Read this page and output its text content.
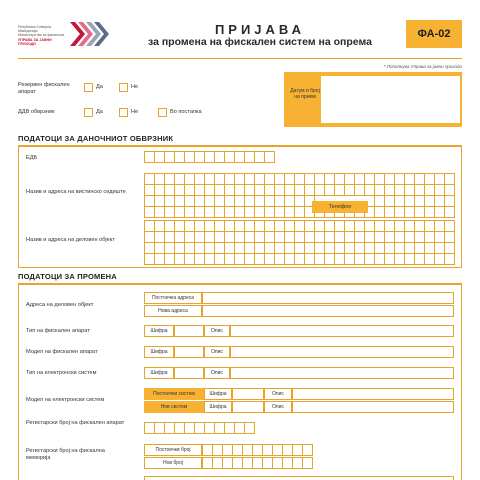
Република Северна Македонија
Министерство за финансии
УПРАВА ЗА ЈАВНИ ПРИХОДИ
ПРИЈАВА
за промена на фискален систем на опрема
ФА-02
* Пополнува Управа за јавни приходи
Резервен фискален апарат
Да	Не
ДДВ обврзник	Да	Не	Во постапка
Датум и број на прием
ПОДАТОЦИ ЗА ДАНОЧНИОТ ОБВРЗНИК
ЕДБ
Назив и адреса на вистинско седиште
Телефон
Назив и адреса на деловен објект
ПОДАТОЦИ ЗА ПРОМЕНА
Адреса на деловен објект
Постоечка адреса
Нова адреса
Тип на фискален апарат	Шифра	Опис
Модел на фискален апарат	Шифра	Опис
Тип на електронски систем	Шифра	Опис
Модел на електронски систем
Постоечки систем	Шифра	Опис
Нов систем	Шифра	Опис
Регистарски број на фискален апарат
Регистарски број на фискална меморија
Постоечки број
Нов број
